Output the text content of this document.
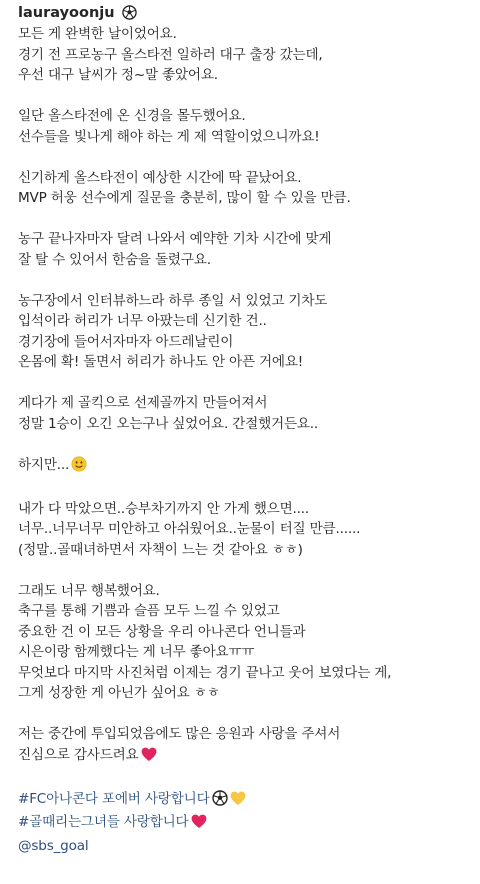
laurayoonju
모든 게 완벽한 날이었어요.
경기 전 프로농구 올스타전 일하러 대구 출장 갔는데,
우선 대구 날씨가 정~말 좋았어요.
일단 올스타전에 온 신경을 몰두했어요.
선수들을 빛나게 해야 하는 게 제 역할이었으니까요!
신기하게 올스타전이 예상한 시간에 딱 끝났어요.
MVP 허웅 선수에게 질문을 충분히, 많이 할 수 있을 만큼.
농구 끝나자마자 달려 나와서 예약한 기차 시간에 맞게
잘 탈 수 있어서 한숨을 돌렸구요.
농구장에서 인터뷰하느라 하루 종일 서 있었고 기차도
입석이라 허리가 너무 아팠는데 신기한 건..
경기장에 들어서자마자 아드레날린이
온몸에 확! 돌면서 허리가 하나도 안 아픈 거에요!
게다가 제 골킥으로 선제골까지 만들어져서
정말 1승이 오긴 오는구나 싶었어요. 간절했거든요..
하지만...
내가 다 막았으면..승부차기까지 안 가게 했으면....
너무..너무너무 미안하고 아쉬웠어요..눈물이 터질 만큼......
(정말..골때녀하면서 자책이 느는 것 같아요 ㅎㅎ)
그래도 너무 행복했어요.
축구를 통해 기쁨과 슬픔 모두 느낄 수 있었고
중요한 건 이 모든 상황을 우리 아나콘다 언니들과
시은이랑 함께했다는 게 너무 좋아요ㅠㅠ
무엇보다 마지막 사진처럼 이제는 경기 끝나고 웃어 보였다는 게,
그게 성장한 게 아닌가 싶어요 ㅎㅎ
저는 중간에 투입되었음에도 많은 응원과 사랑을 주셔서
진심으로 감사드려요
#FC아나콘다 포에버 사랑합니다
#골때리는그녀들 사랑합니다
@sbs_goal
